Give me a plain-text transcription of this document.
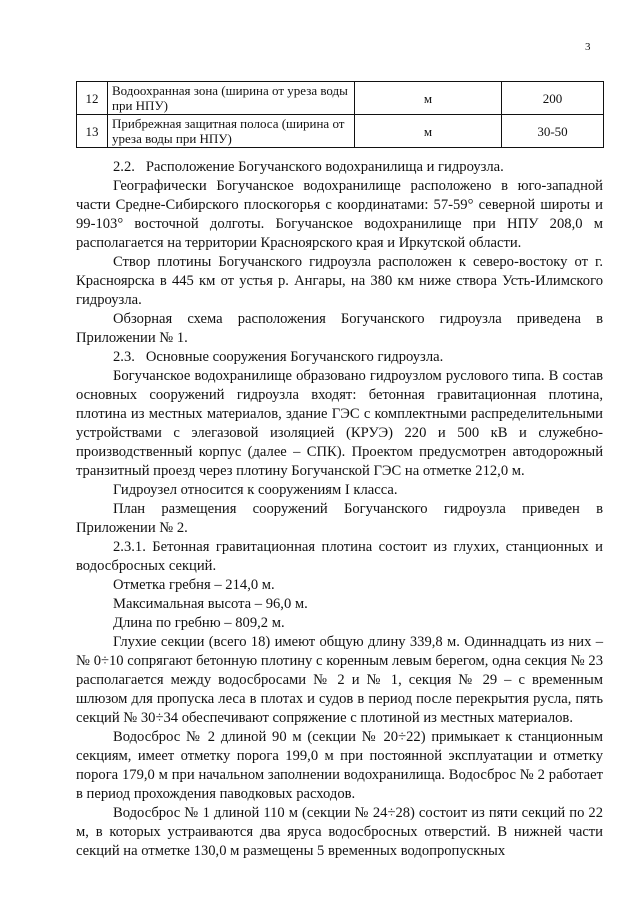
3
12	Водоохранная зона (ширина от уреза воды при НПУ)	м	200
13	Прибрежная защитная полоса (ширина от уреза воды при НПУ)	м	30-50

2.2.   Расположение Богучанского водохранилища и гидроузла.

Географически Богучанское водохранилище расположено в юго-западной части Средне-Сибирского плоскогорья с координатами: 57-59° северной широты и 99-103° восточной долготы. Богучанское водохранилище при НПУ 208,0 м располагается на территории Красноярского края и Иркутской области.

Створ плотины Богучанского гидроузла расположен к северо-востоку от г. Красноярска в 445 км от устья р. Ангары, на 380 км ниже створа Усть-Илимского гидроузла.

Обзорная схема расположения Богучанского гидроузла приведена в Приложении № 1.

2.3.   Основные сооружения Богучанского гидроузла.

Богучанское водохранилище образовано гидроузлом руслового типа. В состав основных сооружений гидроузла входят: бетонная гравитационная плотина, плотина из местных материалов, здание ГЭС с комплектными распределительными устройствами с элегазовой изоляцией (КРУЭ) 220 и 500 кВ и служебно-производственный корпус (далее – СПК). Проектом предусмотрен автодорожный транзитный проезд через плотину Богучанской ГЭС на отметке 212,0 м.

Гидроузел относится к сооружениям I класса.

План размещения сооружений Богучанского гидроузла приведен в Приложении № 2.

2.3.1. Бетонная гравитационная плотина состоит из глухих, станционных и водосбросных секций.

Отметка гребня – 214,0 м.

Максимальная высота – 96,0 м.

Длина по гребню – 809,2 м.

Глухие секции (всего 18) имеют общую длину 339,8 м. Одиннадцать из них – № 0÷10 сопрягают бетонную плотину с коренным левым берегом, одна секция № 23 располагается между водосбросами № 2 и № 1, секция № 29 – с временным шлюзом для пропуска леса в плотах и судов в период после перекрытия русла, пять секций № 30÷34 обеспечивают сопряжение с плотиной из местных материалов.

Водосброс № 2 длиной 90 м (секции № 20÷22) примыкает к станционным секциям, имеет отметку порога 199,0 м при постоянной эксплуатации и отметку порога 179,0 м при начальном заполнении водохранилища. Водосброс № 2 работает в период прохождения паводковых расходов.

Водосброс № 1 длиной 110 м (секции № 24÷28) состоит из пяти секций по 22 м, в которых устраиваются два яруса водосбросных отверстий. В нижней части секций на отметке 130,0 м размещены 5 временных водопропускных
